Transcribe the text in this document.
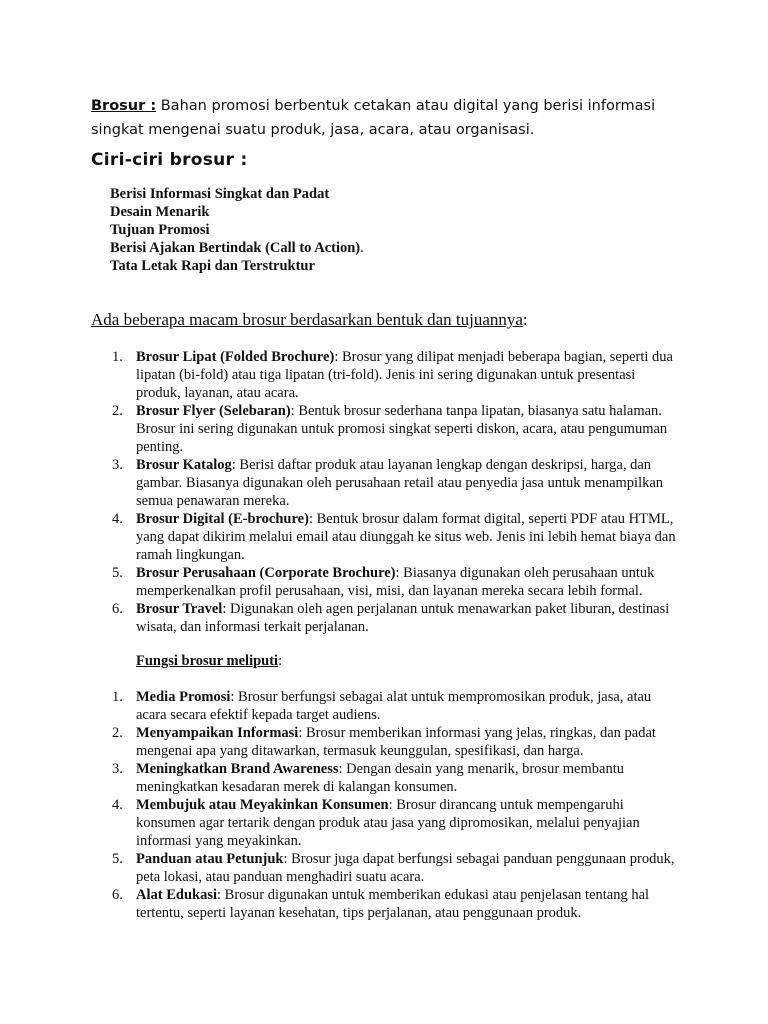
Brosur : Bahan promosi berbentuk cetakan atau digital yang berisi informasi singkat mengenai suatu produk, jasa, acara, atau organisasi.

Ciri-ciri brosur :
Berisi Informasi Singkat dan Padat
Desain Menarik
Tujuan Promosi
Berisi Ajakan Bertindak (Call to Action).
Tata Letak Rapi dan Terstruktur
Ada beberapa macam brosur berdasarkan bentuk dan tujuannya:
1. Brosur Lipat (Folded Brochure): Brosur yang dilipat menjadi beberapa bagian, seperti dua lipatan (bi-fold) atau tiga lipatan (tri-fold). Jenis ini sering digunakan untuk presentasi produk, layanan, atau acara.
2. Brosur Flyer (Selebaran): Bentuk brosur sederhana tanpa lipatan, biasanya satu halaman. Brosur ini sering digunakan untuk promosi singkat seperti diskon, acara, atau pengumuman penting.
3. Brosur Katalog: Berisi daftar produk atau layanan lengkap dengan deskripsi, harga, dan gambar. Biasanya digunakan oleh perusahaan retail atau penyedia jasa untuk menampilkan semua penawaran mereka.
4. Brosur Digital (E-brochure): Bentuk brosur dalam format digital, seperti PDF atau HTML, yang dapat dikirim melalui email atau diunggah ke situs web. Jenis ini lebih hemat biaya dan ramah lingkungan.
5. Brosur Perusahaan (Corporate Brochure): Biasanya digunakan oleh perusahaan untuk memperkenalkan profil perusahaan, visi, misi, dan layanan mereka secara lebih formal.
6. Brosur Travel: Digunakan oleh agen perjalanan untuk menawarkan paket liburan, destinasi wisata, dan informasi terkait perjalanan.

Fungsi brosur meliputi:

1. Media Promosi: Brosur berfungsi sebagai alat untuk mempromosikan produk, jasa, atau acara secara efektif kepada target audiens.
2. Menyampaikan Informasi: Brosur memberikan informasi yang jelas, ringkas, dan padat mengenai apa yang ditawarkan, termasuk keunggulan, spesifikasi, dan harga.
3. Meningkatkan Brand Awareness: Dengan desain yang menarik, brosur membantu meningkatkan kesadaran merek di kalangan konsumen.
4. Membujuk atau Meyakinkan Konsumen: Brosur dirancang untuk mempengaruhi konsumen agar tertarik dengan produk atau jasa yang dipromosikan, melalui penyajian informasi yang meyakinkan.
5. Panduan atau Petunjuk: Brosur juga dapat berfungsi sebagai panduan penggunaan produk, peta lokasi, atau panduan menghadiri suatu acara.
6. Alat Edukasi: Brosur digunakan untuk memberikan edukasi atau penjelasan tentang hal tertentu, seperti layanan kesehatan, tips perjalanan, atau penggunaan produk.
